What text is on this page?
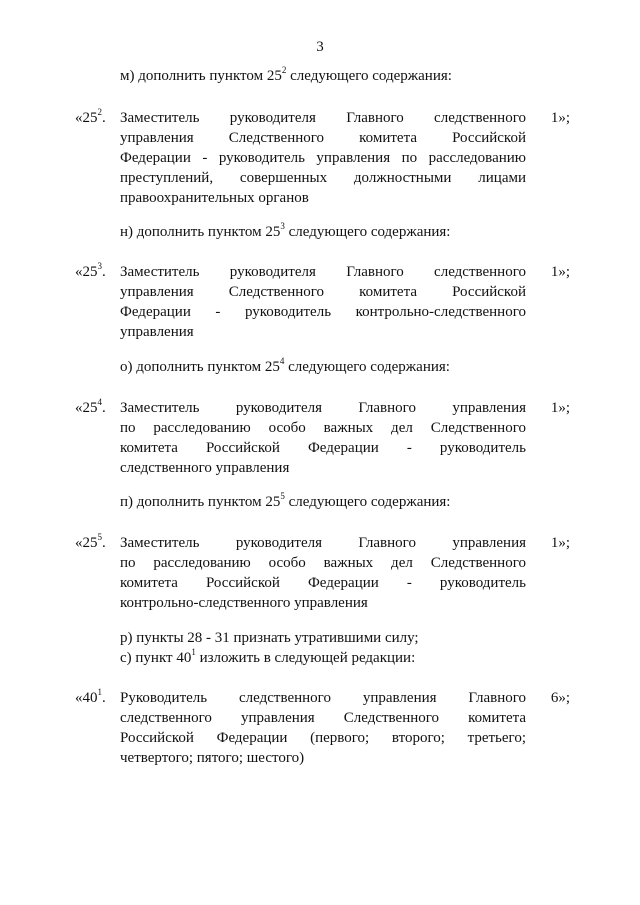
3
м) дополнить пунктом $25^2$ следующего содержания:
«$25^2$. Заместитель руководителя Главного следственного
управления Следственного комитета Российской
Федерации - руководитель управления по расследованию
преступлений, совершенных должностными лицами
правоохранительных органов
1»;
н) дополнить пунктом $25^3$ следующего содержания:
«$25^3$. Заместитель руководителя Главного следственного
управления Следственного комитета Российской
Федерации - руководитель контрольно-следственного
управления
1»;
о) дополнить пунктом $25^4$ следующего содержания:
«$25^4$. Заместитель руководителя Главного управления
по расследованию особо важных дел Следственного
комитета Российской Федерации - руководитель
следственного управления
1»;
п) дополнить пунктом $25^5$ следующего содержания:
«$25^5$. Заместитель руководителя Главного управления
по расследованию особо важных дел Следственного
комитета Российской Федерации - руководитель
контрольно-следственного управления
1»;
р) пункты 28 - 31 признать утратившими силу;
с) пункт $40^1$ изложить в следующей редакции:
«$40^1$. Руководитель следственного управления Главного
следственного управления Следственного комитета
Российской Федерации (первого; второго; третьего;
четвертого; пятого; шестого)
6»;
